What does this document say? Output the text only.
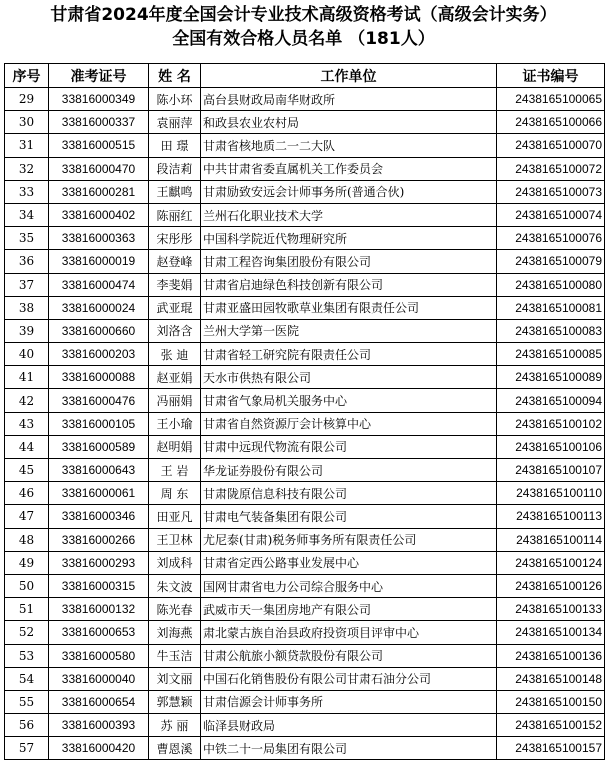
甘肃省2024年度全国会计专业技术高级资格考试（高级会计实务）
全国有效合格人员名单 （181人）
序号	准考证号	姓 名	工作单位	证书编号
29	33816000349	陈小环	高台县财政局南华财政所	2438165100065
30	33816000337	袁丽萍	和政县农业农村局	2438165100066
31	33816000515	田 璟	甘肃省核地质二一二大队	2438165100070
32	33816000470	段洁莉	中共甘肃省委直属机关工作委员会	2438165100072
33	33816000281	王麒鸣	甘肃励致安远会计师事务所(普通合伙)	2438165100073
34	33816000402	陈丽红	兰州石化职业技术大学	2438165100074
35	33816000363	宋彤彤	中国科学院近代物理研究所	2438165100076
36	33816000019	赵登峰	甘肃工程咨询集团股份有限公司	2438165100079
37	33816000474	李斐娟	甘肃省启迪绿色科技创新有限公司	2438165100080
38	33816000024	武亚琨	甘肃亚盛田园牧歌草业集团有限责任公司	2438165100081
39	33816000660	刘洛含	兰州大学第一医院	2438165100083
40	33816000203	张 迪	甘肃省轻工研究院有限责任公司	2438165100085
41	33816000088	赵亚娟	天水市供热有限公司	2438165100089
42	33816000476	冯丽娟	甘肃省气象局机关服务中心	2438165100094
43	33816000105	王小瑜	甘肃省自然资源厅会计核算中心	2438165100102
44	33816000589	赵明娟	甘肃中远现代物流有限公司	2438165100106
45	33816000643	王 岩	华龙证券股份有限公司	2438165100107
46	33816000061	周 东	甘肃陇原信息科技有限公司	2438165100110
47	33816000346	田亚凡	甘肃电气装备集团有限公司	2438165100113
48	33816000266	王卫林	尤尼泰(甘肃)税务师事务所有限责任公司	2438165100114
49	33816000293	刘成科	甘肃省定西公路事业发展中心	2438165100124
50	33816000315	朱文波	国网甘肃省电力公司综合服务中心	2438165100126
51	33816000132	陈光春	武威市天一集团房地产有限公司	2438165100133
52	33816000653	刘海燕	肃北蒙古族自治县政府投资项目评审中心	2438165100134
53	33816000580	牛玉洁	甘肃公航旅小额贷款股份有限公司	2438165100136
54	33816000040	刘文丽	中国石化销售股份有限公司甘肃石油分公司	2438165100148
55	33816000654	郭慧颖	甘肃信源会计师事务所	2438165100150
56	33816000393	苏 丽	临泽县财政局	2438165100152
57	33816000420	曹恩溪	中铁二十一局集团有限公司	2438165100157
